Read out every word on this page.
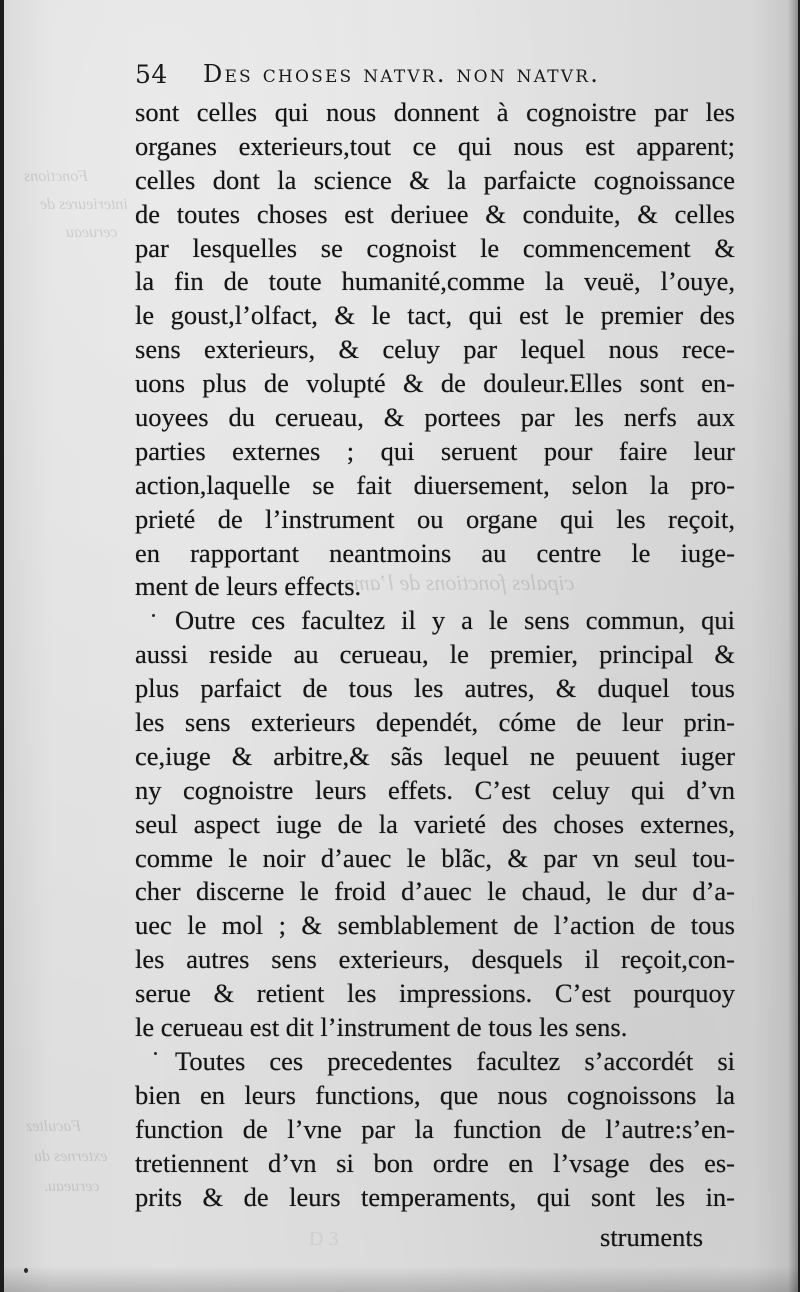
Fonctions
interieures de
cerueau
Facultez
externes du
cerueau.
cipales fonctions de l’ame
54 Des choses natvr. non natvr.
sont celles qui nous donnent à cognoistre par les
organes exterieurs,tout ce qui nous est apparent;
celles dont la science & la parfaicte cognoissance
de toutes choses est deriuee & conduite, & celles
par lesquelles se cognoist le commencement &
la fin de toute humanité,comme la veuë, l’ouye,
le goust,l’olfact, & le tact, qui est le premier des
sens exterieurs, & celuy par lequel nous rece-
uons plus de volupté & de douleur.Elles sont en-
uoyees du cerueau, & portees par les nerfs aux
parties externes ; qui seruent pour faire leur
action,laquelle se fait diuersement, selon la pro-
prieté de l’instrument ou organe qui les reçoit,
en rapportant neantmoins au centre le iuge-
ment de leurs effects.
Outre ces facultez il y a le sens commun, qui
aussi reside au cerueau, le premier, principal &
plus parfaict de tous les autres, & duquel tous
les sens exterieurs dependét, cóme de leur prin-
ce,iuge & arbitre,& sãs lequel ne peuuent iuger
ny cognoistre leurs effets. C’est celuy qui d’vn
seul aspect iuge de la varieté des choses externes,
comme le noir d’auec le blãc, & par vn seul tou-
cher discerne le froid d’auec le chaud, le dur d’a-
uec le mol ; & semblablement de l’action de tous
les autres sens exterieurs, desquels il reçoit,con-
serue & retient les impressions. C’est pourquoy
le cerueau est dit l’instrument de tous les sens.
Toutes ces precedentes facultez s’accordét si
bien en leurs functions, que nous cognoissons la
function de l’vne par la function de l’autre:s’en-
tretiennent d’vn si bon ordre en l’vsage des es-
prits & de leurs temperaments, qui sont les in-
D 3	struments
